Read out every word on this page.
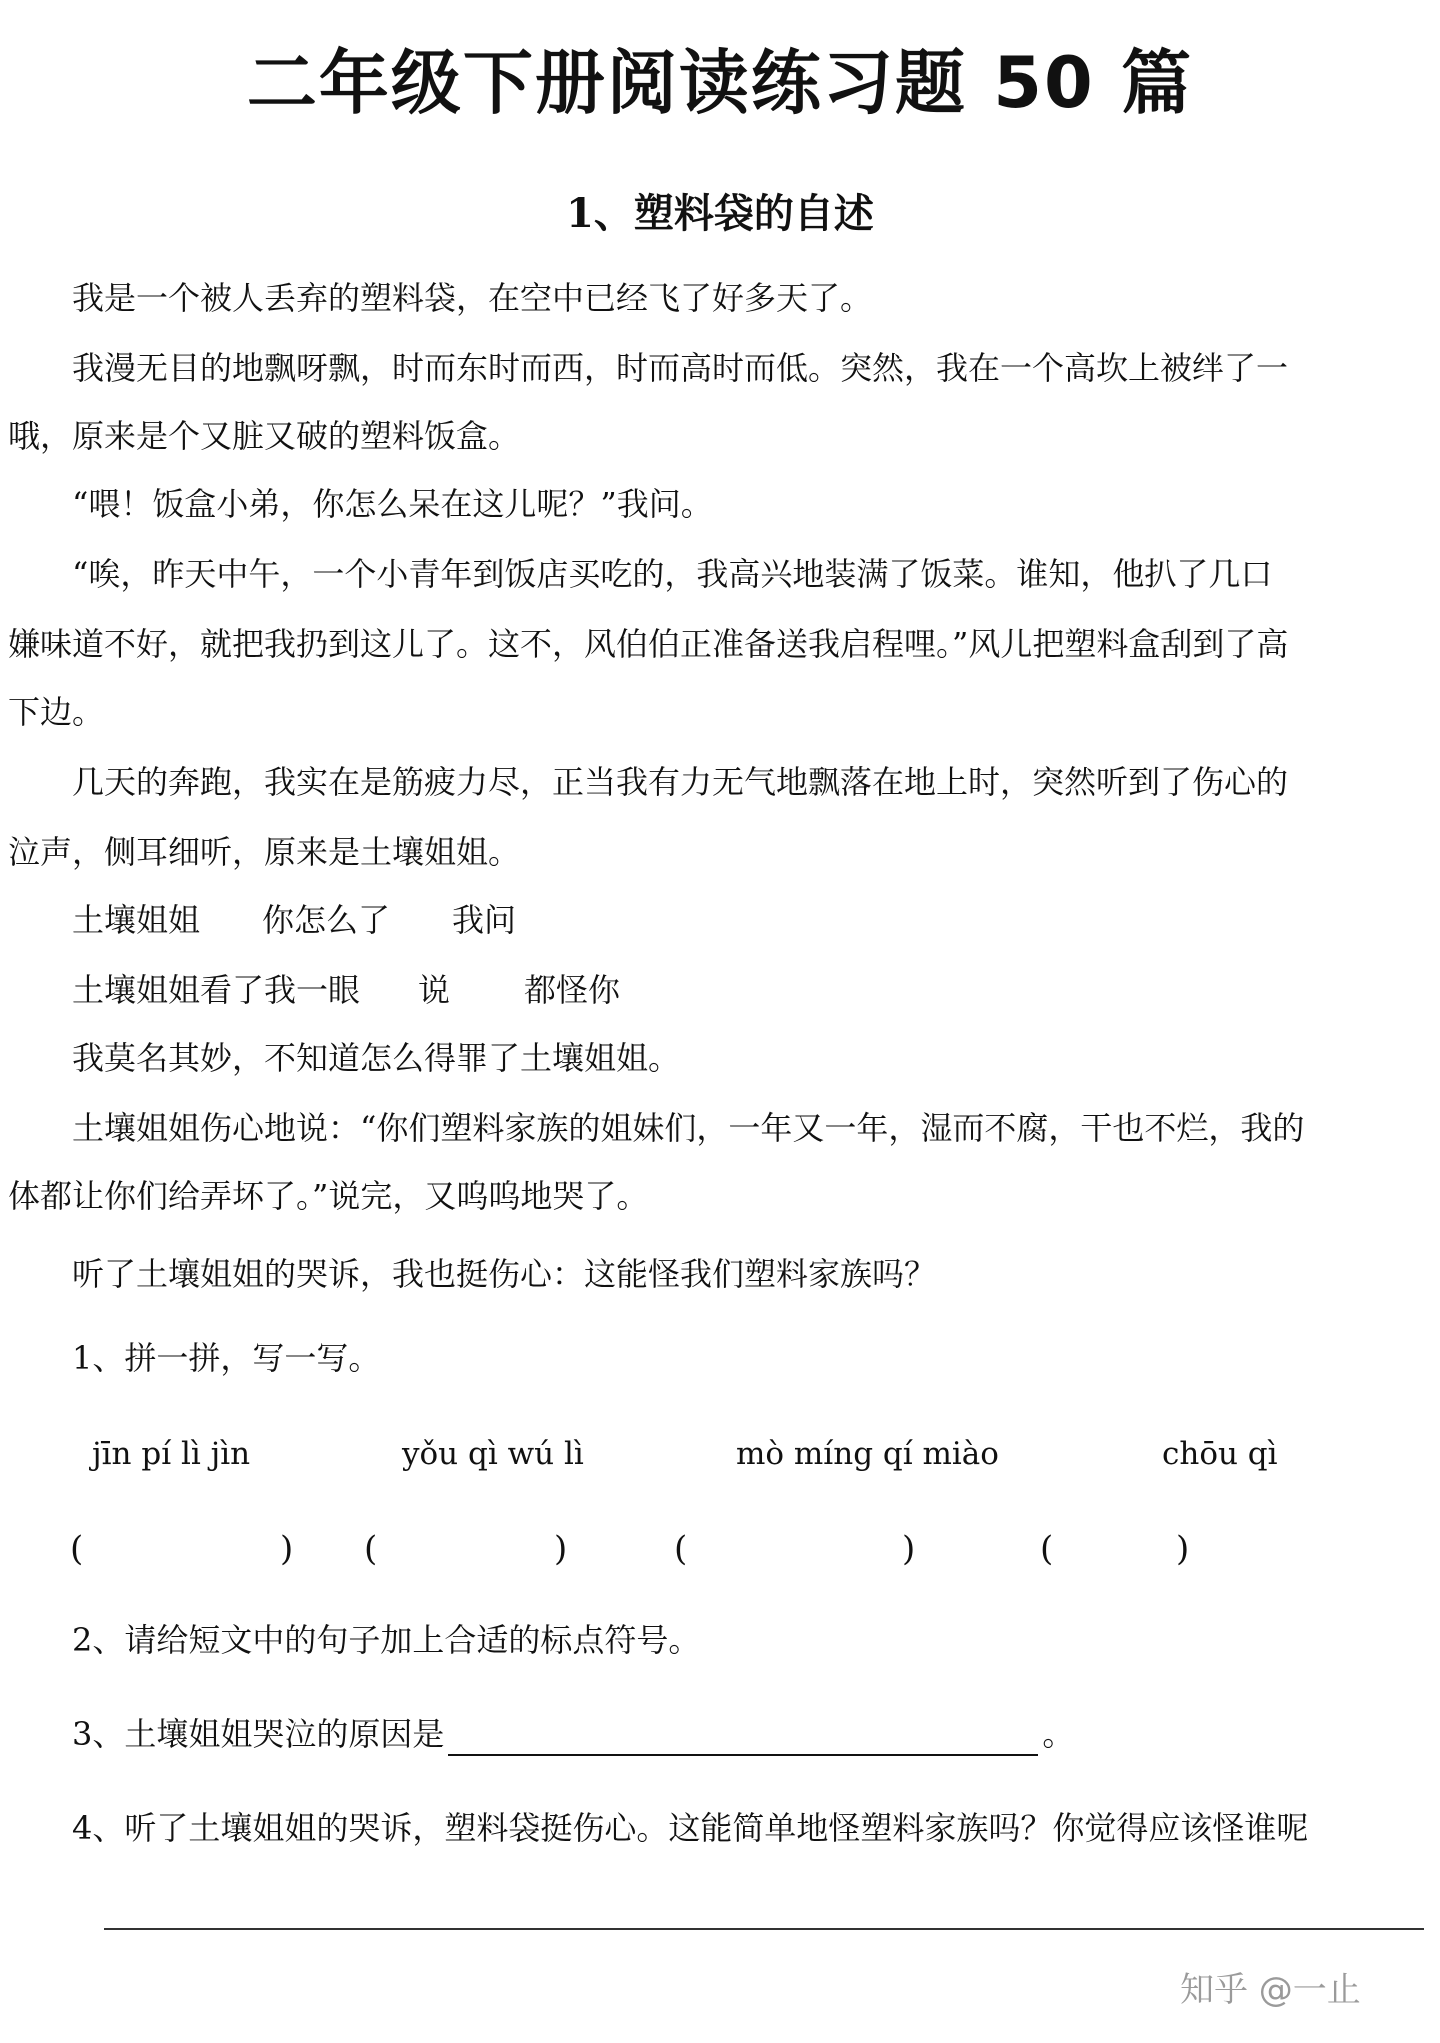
二年级下册阅读练习题 50 篇
1、塑料袋的自述

我是一个被人丢弃的塑料袋，在空中已经飞了好多天了。

我漫无目的地飘呀飘，时而东时而西，时而高时而低。突然，我在一个高坎上被绊了一

哦，原来是个又脏又破的塑料饭盒。

“喂！饭盒小弟，你怎么呆在这儿呢？”我问。

“唉，昨天中午，一个小青年到饭店买吃的，我高兴地装满了饭菜。谁知，他扒了几口

嫌味道不好，就把我扔到这儿了。这不，风伯伯正准备送我启程哩。”风儿把塑料盒刮到了高

下边。

几天的奔跑，我实在是筋疲力尽，正当我有力无气地飘落在地上时，突然听到了伤心的

泣声，侧耳细听，原来是土壤姐姐。

土壤姐姐 你怎么了 我问

土壤姐姐看了我一眼 说 都怪你

我莫名其妙，不知道怎么得罪了土壤姐姐。

土壤姐姐伤心地说：“你们塑料家族的姐妹们，一年又一年，湿而不腐，干也不烂，我的

体都让你们给弄坏了。”说完，又呜呜地哭了。

听了土壤姐姐的哭诉，我也挺伤心：这能怪我们塑料家族吗？

1、拼一拼，写一写。

jīn pí lì jìn	yǒu qì wú lì	mò míng qí miào	chōu qì
(	) (	)	(	)	(	)

2、请给短文中的句子加上合适的标点符号。

3、土壤姐姐哭泣的原因是	。

4、听了土壤姐姐的哭诉，塑料袋挺伤心。这能简单地怪塑料家族吗？你觉得应该怪谁呢

知乎 @一止
